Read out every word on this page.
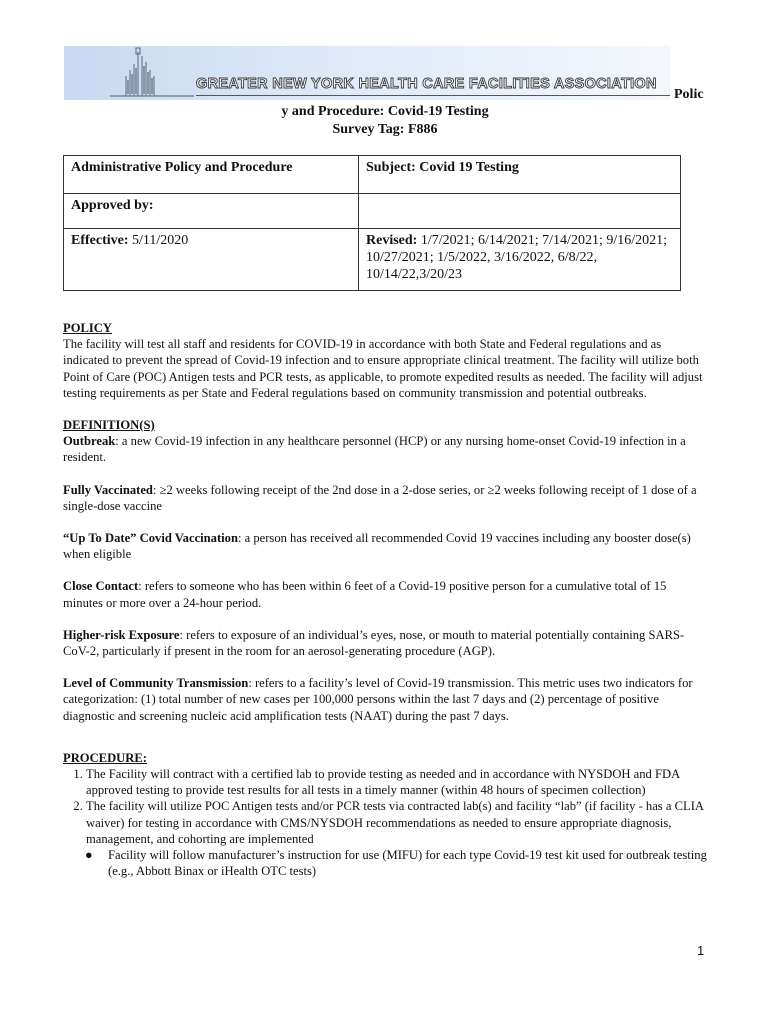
GREATER NEW YORK HEALTH CARE FACILITIES ASSOCIATION
Polic
y and Procedure: Covid-19 Testing
Survey Tag: F886
Administrative Policy and Procedure	Subject: Covid 19 Testing
Approved by:	
Effective: 5/11/2020	Revised: 1/7/2021; 6/14/2021; 7/14/2021; 9/16/2021; 10/27/2021; 1/5/2022, 3/16/2022, 6/8/22, 10/14/22,3/20/23

POLICY

The facility will test all staff and residents for COVID-19 in accordance with both State and Federal regulations and as indicated to prevent the spread of Covid-19 infection and to ensure appropriate clinical treatment. The facility will utilize both Point of Care (POC) Antigen tests and PCR tests, as applicable, to promote expedited results as needed. The facility will adjust testing requirements as per State and Federal regulations based on community transmission and potential outbreaks.

DEFINITION(S)

Outbreak: a new Covid-19 infection in any healthcare personnel (HCP) or any nursing home-onset Covid-19 infection in a resident.

Fully Vaccinated: ≥2 weeks following receipt of the 2nd dose in a 2-dose series, or ≥2 weeks following receipt of 1 dose of a single-dose vaccine

“Up To Date” Covid Vaccination: a person has received all recommended Covid 19 vaccines including any booster dose(s) when eligible

Close Contact: refers to someone who has been within 6 feet of a Covid-19 positive person for a cumulative total of 15 minutes or more over a 24-hour period.

Higher-risk Exposure: refers to exposure of an individual’s eyes, nose, or mouth to material potentially containing SARS-CoV-2, particularly if present in the room for an aerosol-generating procedure (AGP).

Level of Community Transmission: refers to a facility’s level of Covid-19 transmission. This metric uses two indicators for categorization: (1) total number of new cases per 100,000 persons within the last 7 days and (2) percentage of positive diagnostic and screening nucleic acid amplification tests (NAAT) during the past 7 days.

PROCEDURE:

1. The Facility will contract with a certified lab to provide testing as needed and in accordance with NYSDOH and FDA approved testing to provide test results for all tests in a timely manner (within 48 hours of specimen collection)
2. The facility will utilize POC Antigen tests and/or PCR tests via contracted lab(s) and facility “lab” (if facility - has a CLIA waiver) for testing in accordance with CMS/NYSDOH recommendations as needed to ensure appropriate diagnosis, management, and cohorting are implemented
● Facility will follow manufacturer’s instruction for use (MIFU) for each type Covid-19 test kit used for outbreak testing (e.g., Abbott Binax or iHealth OTC tests)
1
